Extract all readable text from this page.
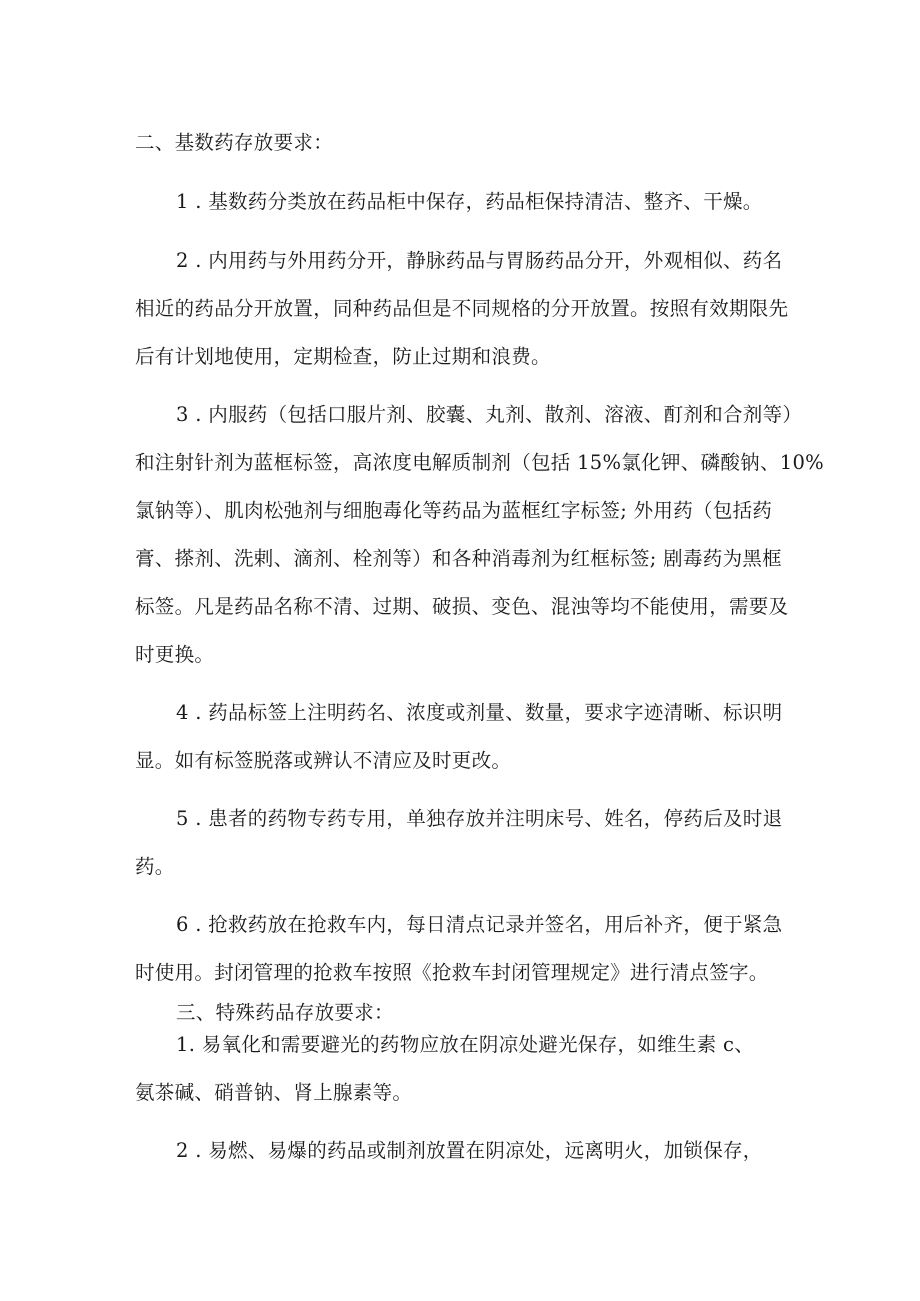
二、基数药存放要求：
1 . 基数药分类放在药品柜中保存，药品柜保持清洁、整齐、干燥。
2 . 内用药与外用药分开，静脉药品与胃肠药品分开，外观相似、药名
相近的药品分开放置，同种药品但是不同规格的分开放置。按照有效期限先
后有计划地使用，定期检查，防止过期和浪费。
3 . 内服药（包括口服片剂、胶囊、丸剂、散剂、溶液、酊剂和合剂等）
和注射针剂为蓝框标签，高浓度电解质制剂（包括 15%氯化钾、磷酸钠、10%
氯钠等）、肌肉松弛剂与细胞毒化等药品为蓝框红字标签; 外用药（包括药
膏、搽剂、洗剌、滴剂、栓剂等）和各种消毒剂为红框标签; 剧毒药为黑框
标签。凡是药品名称不清、过期、破损、变色、混浊等均不能使用，需要及
时更换。
4 . 药品标签上注明药名、浓度或剂量、数量，要求字迹清晰、标识明
显。如有标签脱落或辨认不清应及时更改。
5 . 患者的药物专药专用，单独存放并注明床号、姓名，停药后及时退
药。
6 . 抢救药放在抢救车内，每日清点记录并签名，用后补齐，便于紧急
时使用。封闭管理的抢救车按照《抢救车封闭管理规定》进行清点签字。
三、特殊药品存放要求：
1. 易氧化和需要避光的药物应放在阴凉处避光保存，如维生素 c、
氨茶碱、硝普钠、肾上腺素等。
2 . 易燃、易爆的药品或制剂放置在阴凉处，远离明火，加锁保存，
